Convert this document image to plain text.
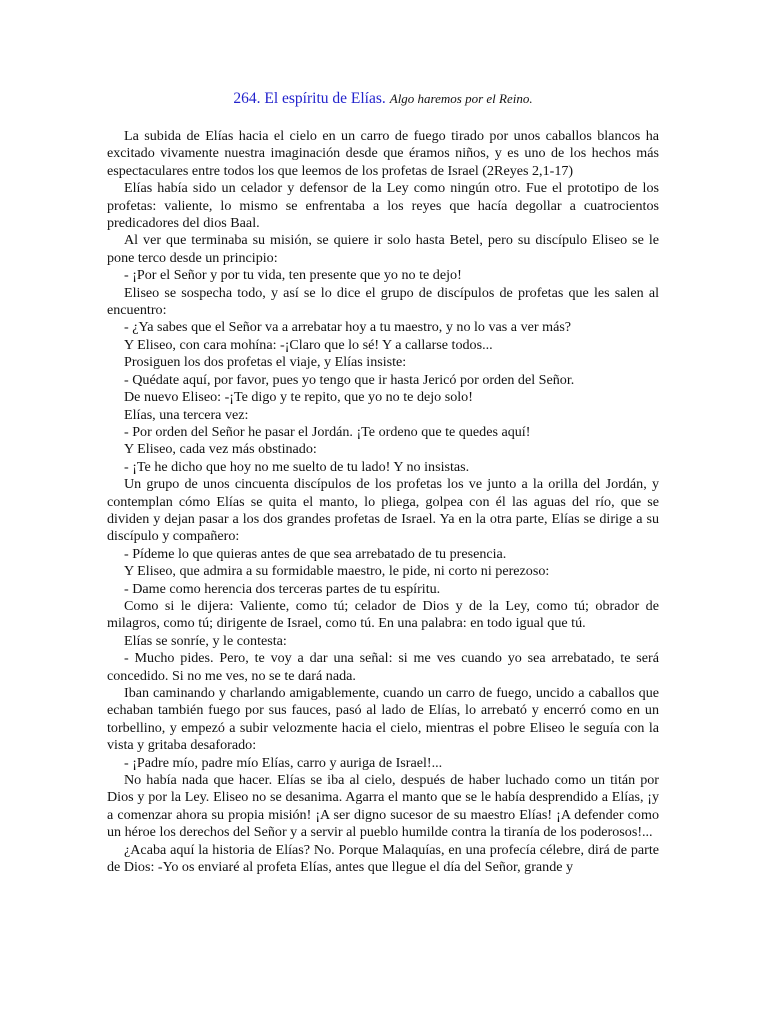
264. El espíritu de Elías. Algo haremos por el Reino.

La subida de Elías hacia el cielo en un carro de fuego tirado por unos caballos blancos ha excitado vivamente nuestra imaginación desde que éramos niños, y es uno de los hechos más espectaculares entre todos los que leemos de los profetas de Israel (2Reyes 2,1-17)

Elías había sido un celador y defensor de la Ley como ningún otro. Fue el prototipo de los profetas: valiente, lo mismo se enfrentaba a los reyes que hacía degollar a cuatrocientos predicadores del dios Baal.

Al ver que terminaba su misión, se quiere ir solo hasta Betel, pero su discípulo Eliseo se le pone terco desde un principio:

- ¡Por el Señor y por tu vida, ten presente que yo no te dejo!

Eliseo se sospecha todo, y así se lo dice el grupo de discípulos de profetas que les salen al encuentro:

- ¿Ya sabes que el Señor va a arrebatar hoy a tu maestro, y no lo vas a ver más?

Y Eliseo, con cara mohína: -¡Claro que lo sé! Y a callarse todos...

Prosiguen los dos profetas el viaje, y Elías insiste:

- Quédate aquí, por favor, pues yo tengo que ir hasta Jericó por orden del Señor.

De nuevo Eliseo: -¡Te digo y te repito, que yo no te dejo solo!

Elías, una tercera vez:

- Por orden del Señor he pasar el Jordán. ¡Te ordeno que te quedes aquí!

Y Eliseo, cada vez más obstinado:

- ¡Te he dicho que hoy no me suelto de tu lado! Y no insistas.

Un grupo de unos cincuenta discípulos de los profetas los ve junto a la orilla del Jordán, y contemplan cómo Elías se quita el manto, lo pliega, golpea con él las aguas del río, que se dividen y dejan pasar a los dos grandes profetas de Israel. Ya en la otra parte, Elías se dirige a su discípulo y compañero:

- Pídeme lo que quieras antes de que sea arrebatado de tu presencia.

Y Eliseo, que admira a su formidable maestro, le pide, ni corto ni perezoso:

- Dame como herencia dos terceras partes de tu espíritu.

Como si le dijera: Valiente, como tú; celador de Dios y de la Ley, como tú; obrador de milagros, como tú; dirigente de Israel, como tú. En una palabra: en todo igual que tú.

Elías se sonríe, y le contesta:

- Mucho pides. Pero, te voy a dar una señal: si me ves cuando yo sea arrebatado, te será concedido. Si no me ves, no se te dará nada.

Iban caminando y charlando amigablemente, cuando un carro de fuego, uncido a caballos que echaban también fuego por sus fauces, pasó al lado de Elías, lo arrebató y encerró como en un torbellino, y empezó a subir velozmente hacia el cielo, mientras el pobre Eliseo le seguía con la vista y gritaba desaforado:

- ¡Padre mío, padre mío Elías, carro y auriga de Israel!...

No había nada que hacer. Elías se iba al cielo, después de haber luchado como un titán por Dios y por la Ley. Eliseo no se desanima. Agarra el manto que se le había desprendido a Elías, ¡y a comenzar ahora su propia misión! ¡A ser digno sucesor de su maestro Elías! ¡A defender como un héroe los derechos del Señor y a servir al pueblo humilde contra la tiranía de los poderosos!...

¿Acaba aquí la historia de Elías? No. Porque Malaquías, en una profecía célebre, dirá de parte de Dios: -Yo os enviaré al profeta Elías, antes que llegue el día del Señor, grande y
